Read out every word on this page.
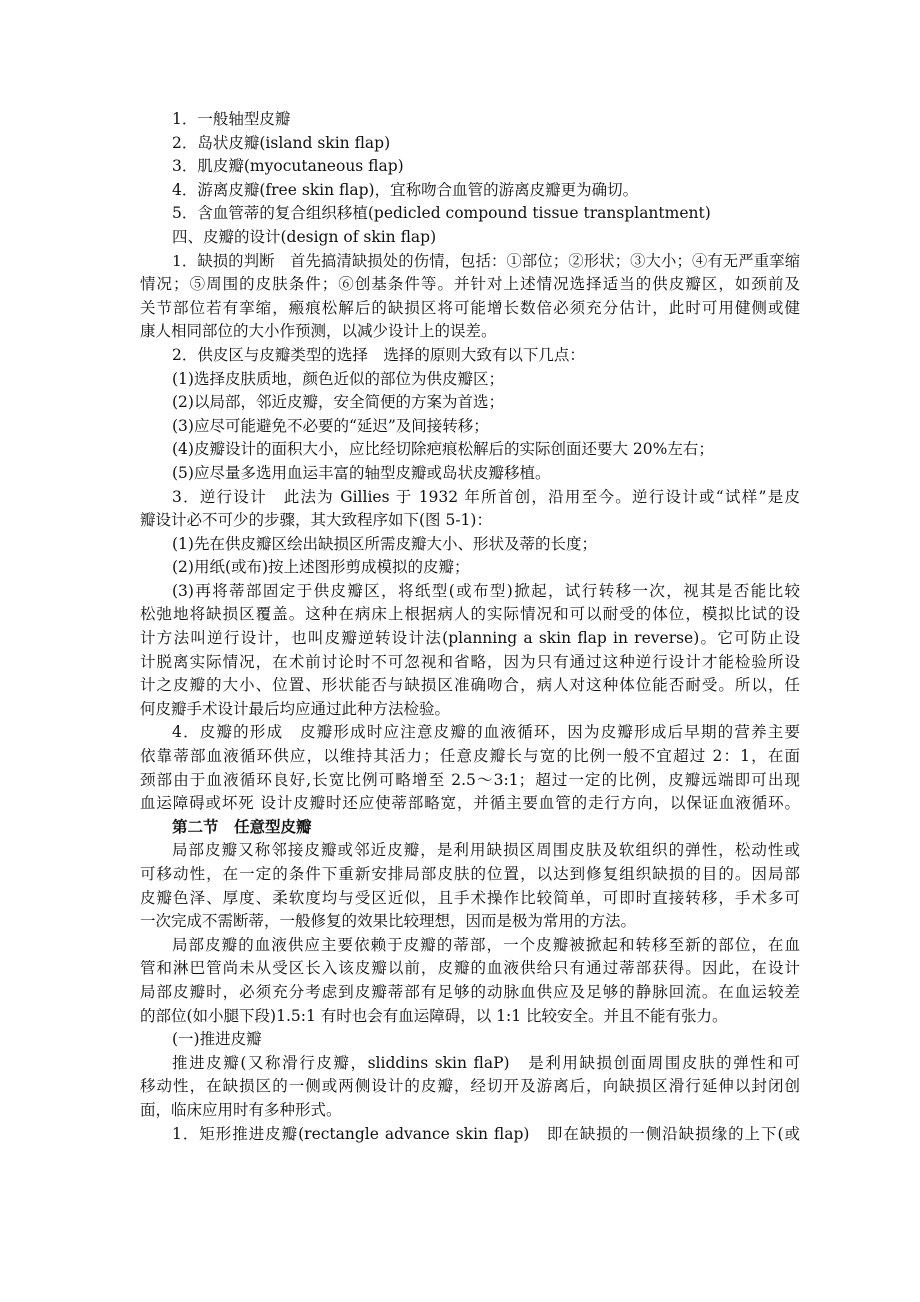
1．一般轴型皮瓣
2．岛状皮瓣(island skin flap)
3．肌皮瓣(myocutaneous flap)
4．游离皮瓣(free skin flap)，宜称吻合血管的游离皮瓣更为确切。
5．含血管蒂的复合组织移植(pedicled compound tissue transplantment)
四、皮瓣的设计(design of skin flap)
1．缺损的判断　首先搞清缺损处的伤情，包括：①部位；②形状；③大小；④有无严重挛缩
情况；⑤周围的皮肤条件；⑥创基条件等。并针对上述情况选择适当的供皮瓣区，如颈前及
关节部位若有挛缩，瘢痕松解后的缺损区将可能增长数倍必须充分估计，此时可用健侧或健
康人相同部位的大小作预测，以减少设计上的误差。
2．供皮区与皮瓣类型的选择　选择的原则大致有以下几点：
(1)选择皮肤质地，颜色近似的部位为供皮瓣区；
(2)以局部，邻近皮瓣，安全简便的方案为首选；
(3)应尽可能避免不必要的“延迟”及间接转移；
(4)皮瓣设计的面积大小，应比经切除疤痕松解后的实际创面还要大 20%左右；
(5)应尽量多选用血运丰富的轴型皮瓣或岛状皮瓣移植。
3．逆行设计　此法为 Gillies 于 1932 年所首创，沿用至今。逆行设计或“试样”是皮
瓣设计必不可少的步骤，其大致程序如下(图 5-1)：
(1)先在供皮瓣区绘出缺损区所需皮瓣大小、形状及蒂的长度；
(2)用纸(或布)按上述图形剪成模拟的皮瓣；
(3)再将蒂部固定于供皮瓣区，将纸型(或布型)掀起，试行转移一次，视其是否能比较
松弛地将缺损区覆盖。这种在病床上根据病人的实际情况和可以耐受的体位，模拟比试的设
计方法叫逆行设计，也叫皮瓣逆转设计法(planning a skin flap in reverse)。它可防止设
计脱离实际情况，在术前讨论时不可忽视和省略，因为只有通过这种逆行设计才能检验所设
计之皮瓣的大小、位置、形状能否与缺损区准确吻合，病人对这种体位能否耐受。所以，任
何皮瓣手术设计最后均应通过此种方法检验。
4．皮瓣的形成　皮瓣形成时应注意皮瓣的血液循环，因为皮瓣形成后早期的营养主要
依靠蒂部血液循环供应，以维持其活力；任意皮瓣长与宽的比例一般不宜超过 2：1，在面
颈部由于血液循环良好,长宽比例可略增至 2.5～3:1；超过一定的比例，皮瓣远端即可出现
血运障碍或坏死 设计皮瓣时还应使蒂部略宽，并循主要血管的走行方向，以保证血液循环。
第二节　任意型皮瓣
局部皮瓣又称邻接皮瓣或邻近皮瓣，是利用缺损区周围皮肤及软组织的弹性，松动性或
可移动性，在一定的条件下重新安排局部皮肤的位置，以达到修复组织缺损的目的。因局部
皮瓣色泽、厚度、柔软度均与受区近似，且手术操作比较简单，可即时直接转移，手术多可
一次完成不需断蒂，一般修复的效果比较理想，因而是极为常用的方法。
局部皮瓣的血液供应主要依赖于皮瓣的蒂部，一个皮瓣被掀起和转移至新的部位，在血
管和淋巴管尚未从受区长入该皮瓣以前，皮瓣的血液供给只有通过蒂部获得。因此，在设计
局部皮瓣时，必须充分考虑到皮瓣蒂部有足够的动脉血供应及足够的静脉回流。在血运较差
的部位(如小腿下段)1.5:1 有时也会有血运障碍，以 1:1 比较安全。并且不能有张力。
(一)推进皮瓣
推进皮瓣(又称滑行皮瓣，sliddins skin flaP)　是利用缺损创面周围皮肤的弹性和可
移动性，在缺损区的一侧或两侧设计的皮瓣，经切开及游离后，向缺损区滑行延伸以封闭创
面，临床应用时有多种形式。
1．矩形推进皮瓣(rectangle advance skin flap)　即在缺损的一侧沿缺损缘的上下(或
